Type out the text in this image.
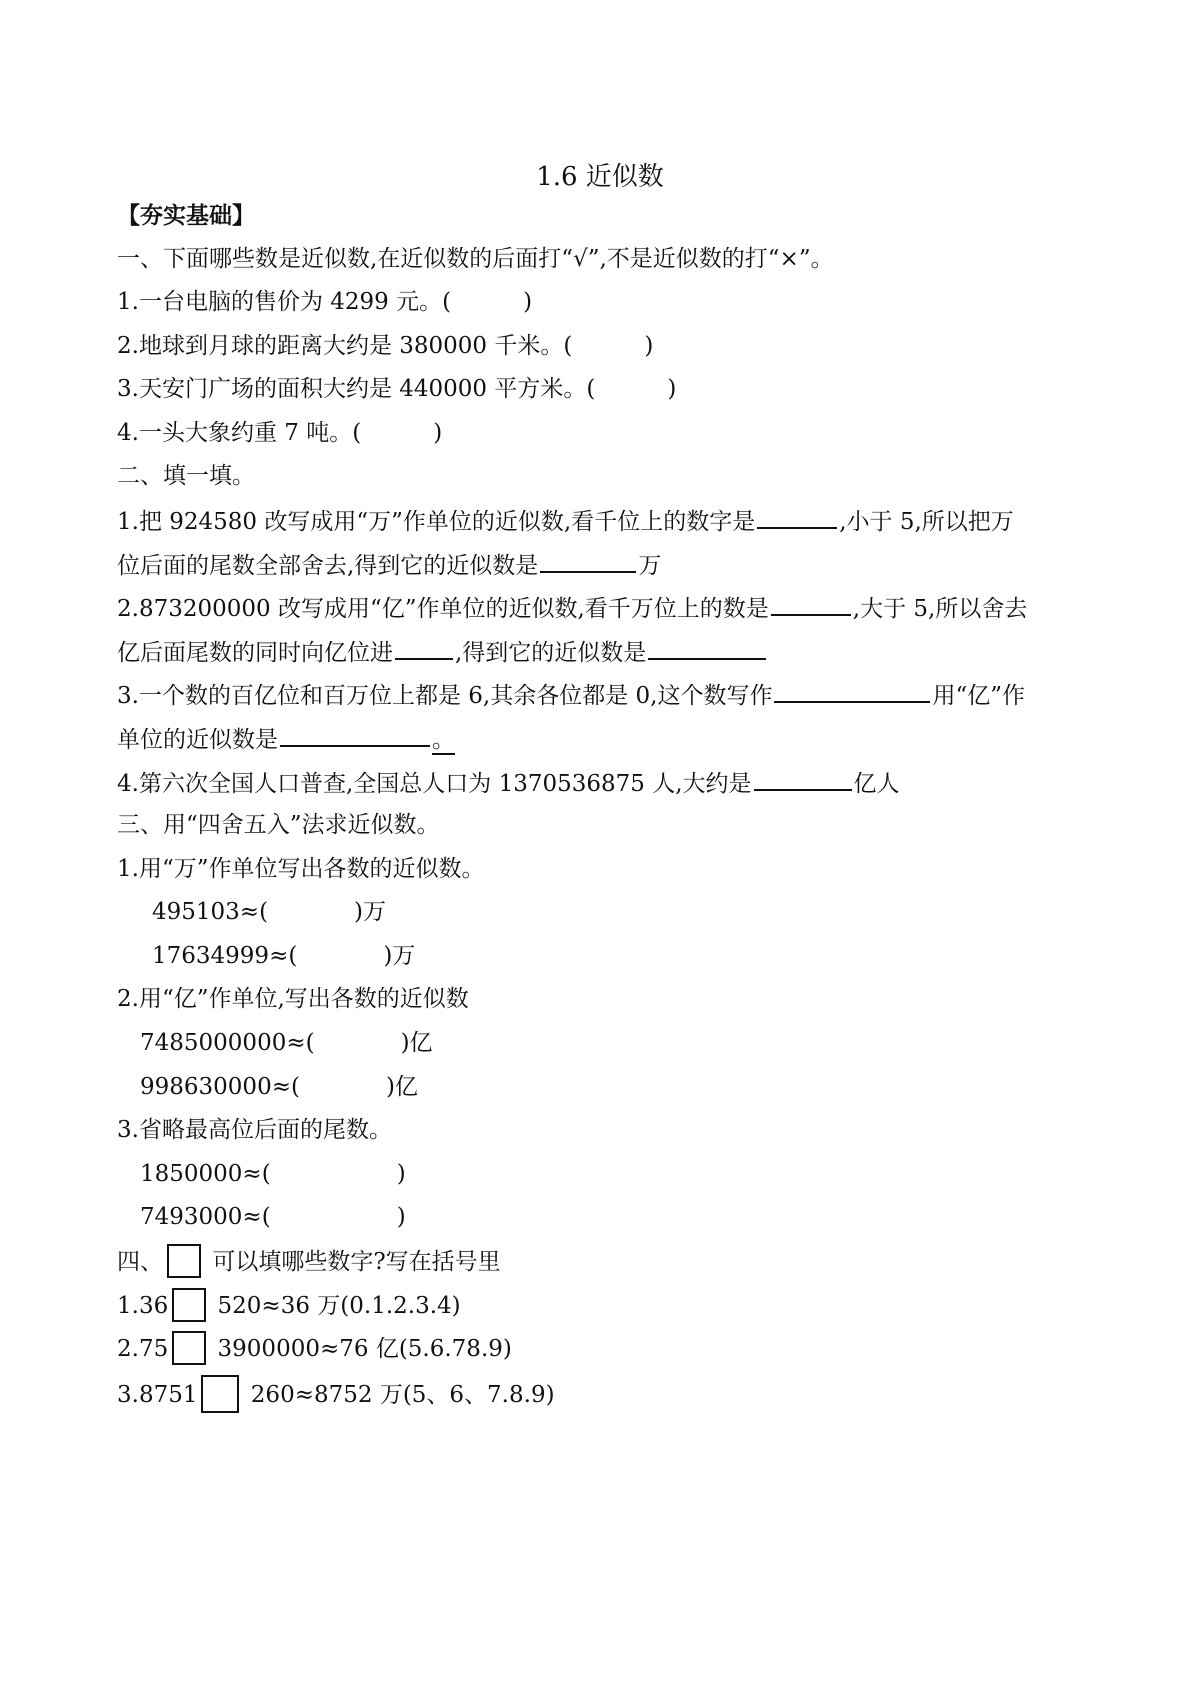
1.6 近似数
【夯实基础】
一、下面哪些数是近似数,在近似数的后面打“√”,不是近似数的打“×”。
1.一台电脑的售价为 4299 元。(	)
2.地球到月球的距离大约是 380000 千米。(	)
3.天安门广场的面积大约是 440000 平方米。(	)
4.一头大象约重 7 吨。(	)
二、填一填。
1.把 924580 改写成用“万”作单位的近似数,看千位上的数字是	,小于 5,所以把万
位后面的尾数全部舍去,得到它的近似数是	万
2.873200000 改写成用“亿”作单位的近似数,看千万位上的数是	,大于 5,所以舍去
亿后面尾数的同时向亿位进	,得到它的近似数是
3.一个数的百亿位和百万位上都是 6,其余各位都是 0,这个数写作	用“亿”作
单位的近似数是	。
4.第六次全国人口普查,全国总人口为 1370536875 人,大约是	亿人
三、用“四舍五入”法求近似数。
1.用“万”作单位写出各数的近似数。
495103≈(	)万
17634999≈(	)万
2.用“亿”作单位,写出各数的近似数
7485000000≈(	)亿
998630000≈(	)亿
3.省略最高位后面的尾数。
1850000≈(	)
7493000≈(	)
四、 可以填哪些数字?写在括号里
1.36 520≈36 万(0.1.2.3.4)
2.75 3900000≈76 亿(5.6.78.9)
3.8751 260≈8752 万(5、6、7.8.9)
